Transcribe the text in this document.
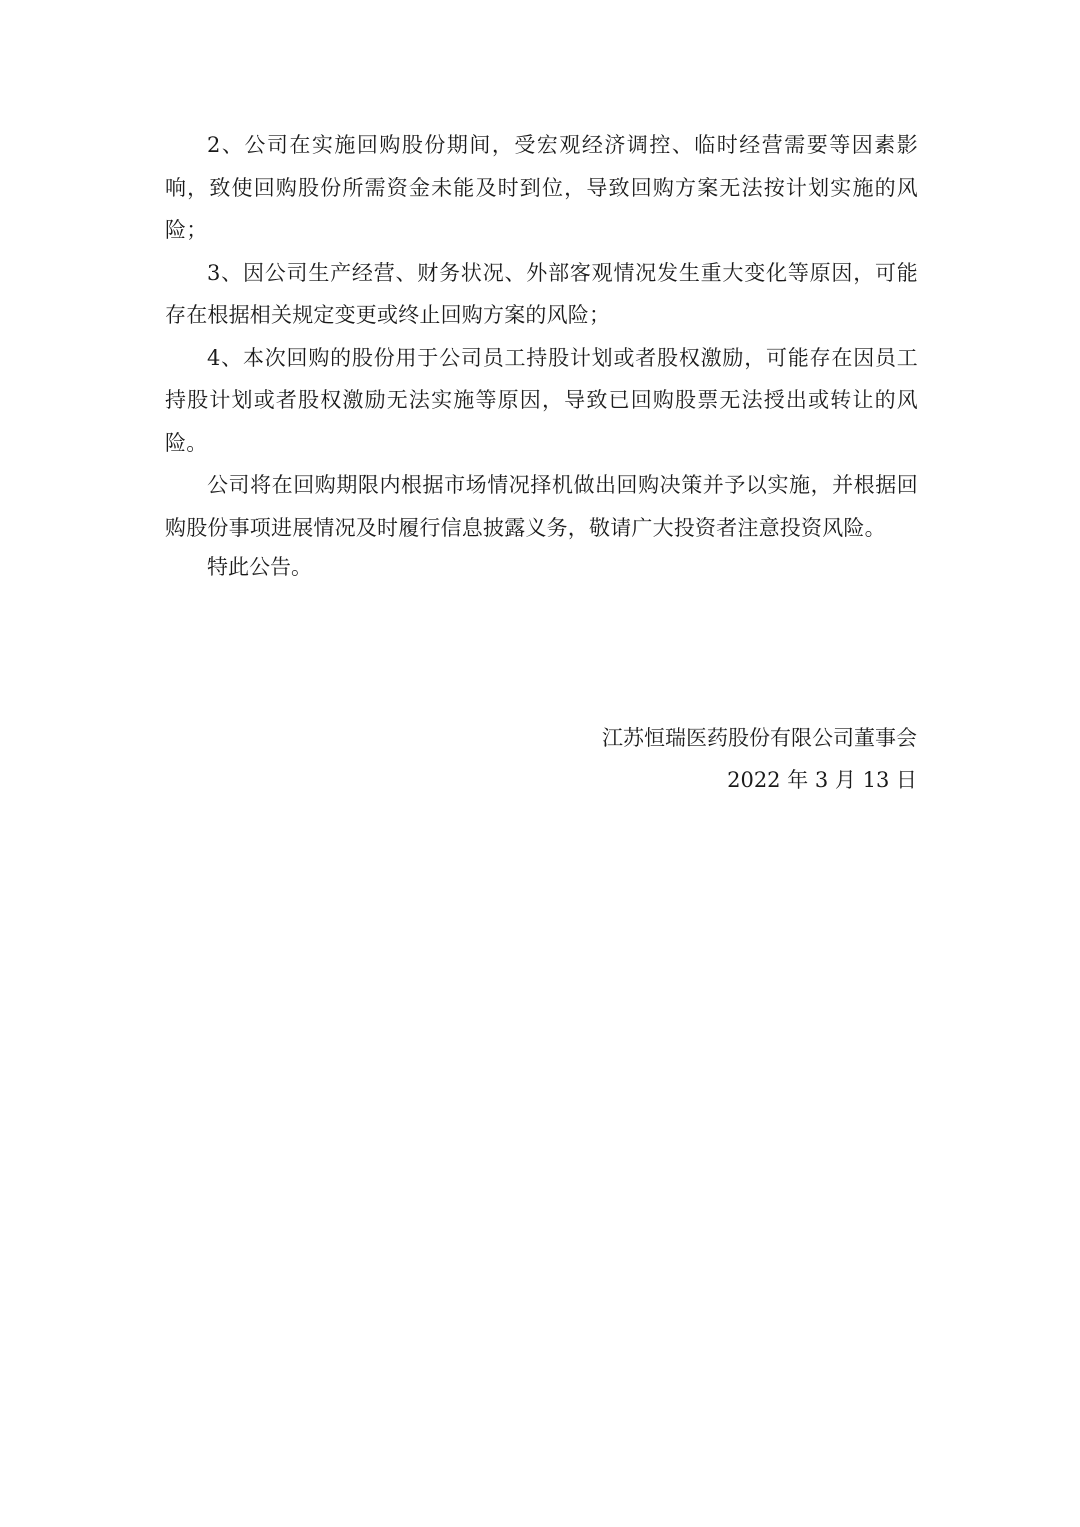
2、公司在实施回购股份期间，受宏观经济调控、临时经营需要等因素影响，致使回购股份所需资金未能及时到位，导致回购方案无法按计划实施的风险；

3、因公司生产经营、财务状况、外部客观情况发生重大变化等原因，可能存在根据相关规定变更或终止回购方案的风险；

4、本次回购的股份用于公司员工持股计划或者股权激励，可能存在因员工持股计划或者股权激励无法实施等原因，导致已回购股票无法授出或转让的风险。

公司将在回购期限内根据市场情况择机做出回购决策并予以实施，并根据回购股份事项进展情况及时履行信息披露义务，敬请广大投资者注意投资风险。

特此公告。

江苏恒瑞医药股份有限公司董事会
2022 年 3 月 13 日
